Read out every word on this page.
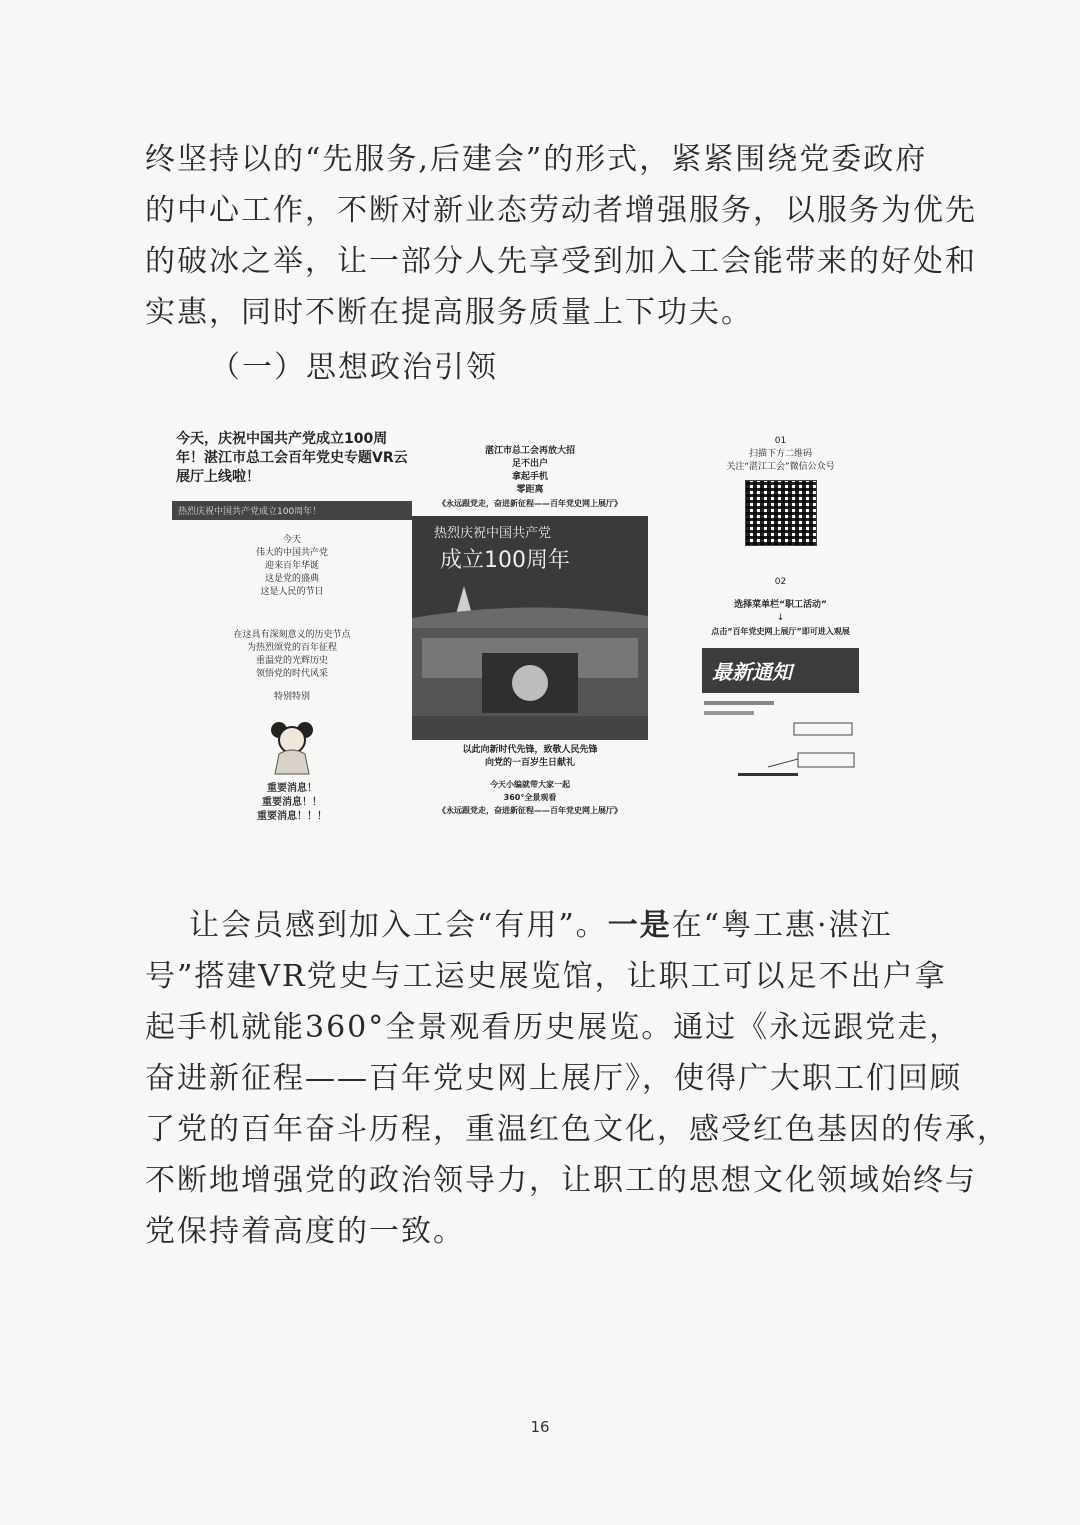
终坚持以的“先服务,后建会”的形式，紧紧围绕党委政府
的中心工作，不断对新业态劳动者增强服务，以服务为优先
的破冰之举，让一部分人先享受到加入工会能带来的好处和
实惠，同时不断在提高服务质量上下功夫。
（一）思想政治引领
今天，庆祝中国共产党成立100周年！湛江市总工会百年党史专题VR云展厅上线啦！
热烈庆祝中国共产党成立100周年！
今天
伟大的中国共产党
迎来百年华诞
这是党的盛典
这是人民的节日
在这具有深刻意义的历史节点
为热烈颂党的百年征程
重温党的光辉历史
领悟党的时代风采
特别特别
重要消息！
重要消息！！
重要消息！！！
湛江市总工会再放大招
足不出户
拿起手机
零距离
《永远跟党走，奋进新征程——百年党史网上展厅》
热烈庆祝中国共产党
成立100周年
以此向新时代先锋，致敬人民先锋
向党的一百岁生日献礼
今天小编就带大家一起
360°全景观看
《永远跟党走，奋进新征程——百年党史网上展厅》
01
扫描下方二维码
关注“湛江工会”微信公众号
02
选择菜单栏“职工活动”
↓
点击“百年党史网上展厅”即可进入观展
最新通知
让会员感到加入工会“有用”。一是在“粤工惠·湛江
号”搭建VR党史与工运史展览馆，让职工可以足不出户拿
起手机就能360°全景观看历史展览。通过《永远跟党走，
奋进新征程——百年党史网上展厅》，使得广大职工们回顾
了党的百年奋斗历程，重温红色文化，感受红色基因的传承，
不断地增强党的政治领导力，让职工的思想文化领域始终与
党保持着高度的一致。
16
